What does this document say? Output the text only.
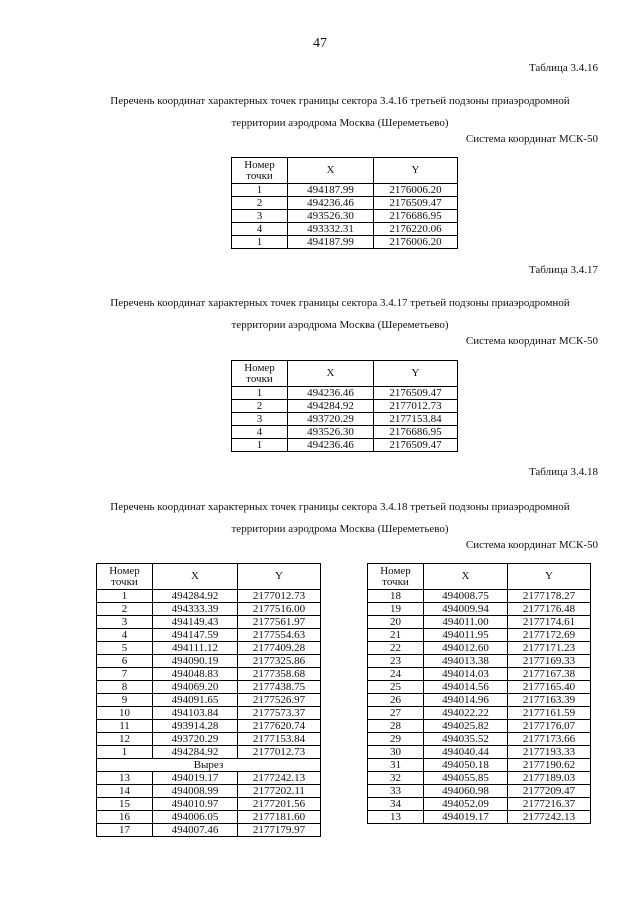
47
Таблица 3.4.16
Перечень координат характерных точек границы сектора 3.4.16 третьей подзоны приаэродромной
территории аэродрома Москва (Шереметьево)
Система координат МСК-50
Номер точки	X	Y
1	494187.99	2176006.20
2	494236.46	2176509.47
3	493526.30	2176686.95
4	493332.31	2176220.06
1	494187.99	2176006.20
Таблица 3.4.17
Перечень координат характерных точек границы сектора 3.4.17 третьей подзоны приаэродромной
территории аэродрома Москва (Шереметьево)
Система координат МСК-50
Номер точки	X	Y
1	494236.46	2176509.47
2	494284.92	2177012.73
3	493720.29	2177153.84
4	493526.30	2176686.95
1	494236.46	2176509.47
Таблица 3.4.18
Перечень координат характерных точек границы сектора 3.4.18 третьей подзоны приаэродромной
территории аэродрома Москва (Шереметьево)
Система координат МСК-50
Номер точки	X	Y
1	494284.92	2177012.73
2	494333.39	2177516.00
3	494149.43	2177561.97
4	494147.59	2177554.63
5	494111.12	2177409.28
6	494090.19	2177325.86
7	494048.83	2177358.68
8	494069.20	2177438.75
9	494091.65	2177526.97
10	494103.84	2177573.37
11	493914.28	2177620.74
12	493720.29	2177153.84
1	494284.92	2177012.73
Вырез		
13	494019.17	2177242.13
14	494008.99	2177202.11
15	494010.97	2177201.56
16	494006.05	2177181.60
17	494007.46	2177179.97
Номер точки	X	Y
18	494008.75	2177178.27
19	494009.94	2177176.48
20	494011.00	2177174.61
21	494011.95	2177172.69
22	494012.60	2177171.23
23	494013.38	2177169.33
24	494014.03	2177167.38
25	494014.56	2177165.40
26	494014.96	2177163.39
27	494022.22	2177161.59
28	494025.82	2177176.07
29	494035.52	2177173.66
30	494040.44	2177193.33
31	494050.18	2177190.62
32	494055.85	2177189.03
33	494060.98	2177209.47
34	494052.09	2177216.37
13	494019.17	2177242.13
